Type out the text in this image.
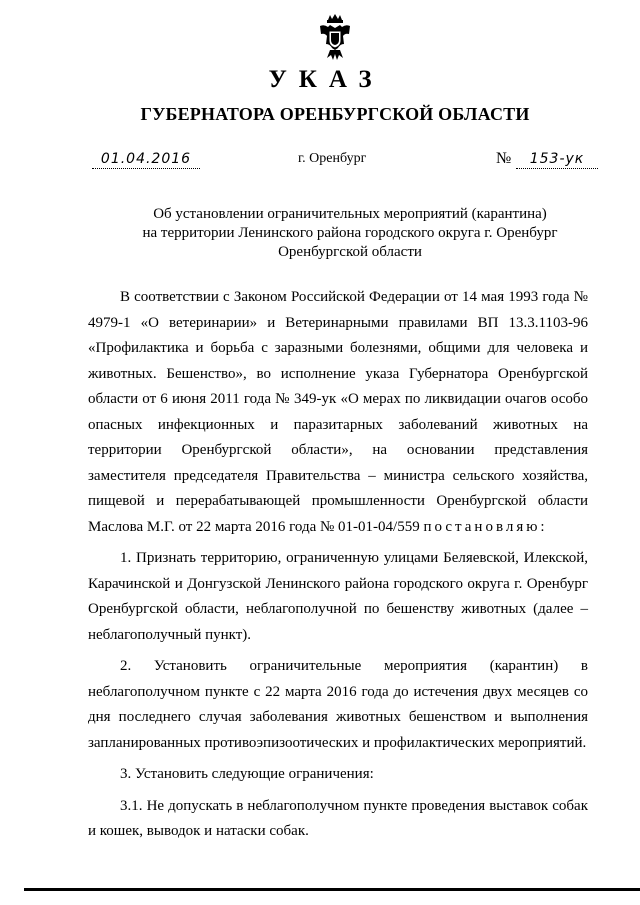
УКАЗ
ГУБЕРНАТОРА ОРЕНБУРГСКОЙ ОБЛАСТИ
01.04.2016	г. Оренбург	№	153-ук
Об установлении ограничительных мероприятий (карантина)
на территории Ленинского района городского округа г. Оренбург
Оренбургской области

В соответствии с Законом Российской Федерации от 14 мая 1993 года № 4979-1 «О ветеринарии» и Ветеринарными правилами ВП 13.3.1103-96 «Профилактика и борьба с заразными болезнями, общими для человека и животных. Бешенство», во исполнение указа Губернатора Оренбургской области от 6 июня 2011 года № 349-ук «О мерах по ликвидации очагов особо опасных инфекционных и паразитарных заболеваний животных на территории Оренбургской области», на основании представления заместителя председателя Правительства – министра сельского хозяйства, пищевой и перерабатывающей промышленности Оренбургской области Маслова М.Г. от 22 марта 2016 года № 01-01-04/559 постановляю:

1. Признать территорию, ограниченную улицами Беляевской, Илекской, Карачинской и Донгузской Ленинского района городского округа г. Оренбург Оренбургской области, неблагополучной по бешенству животных (далее – неблагополучный пункт).

2. Установить ограничительные мероприятия (карантин) в неблагополучном пункте с 22 марта 2016 года до истечения двух месяцев со дня последнего случая заболевания животных бешенством и выполнения запланированных противоэпизоотических и профилактических мероприятий.

3. Установить следующие ограничения:

3.1. Не допускать в неблагополучном пункте проведения выставок собак и кошек, выводок и натаски собак.
